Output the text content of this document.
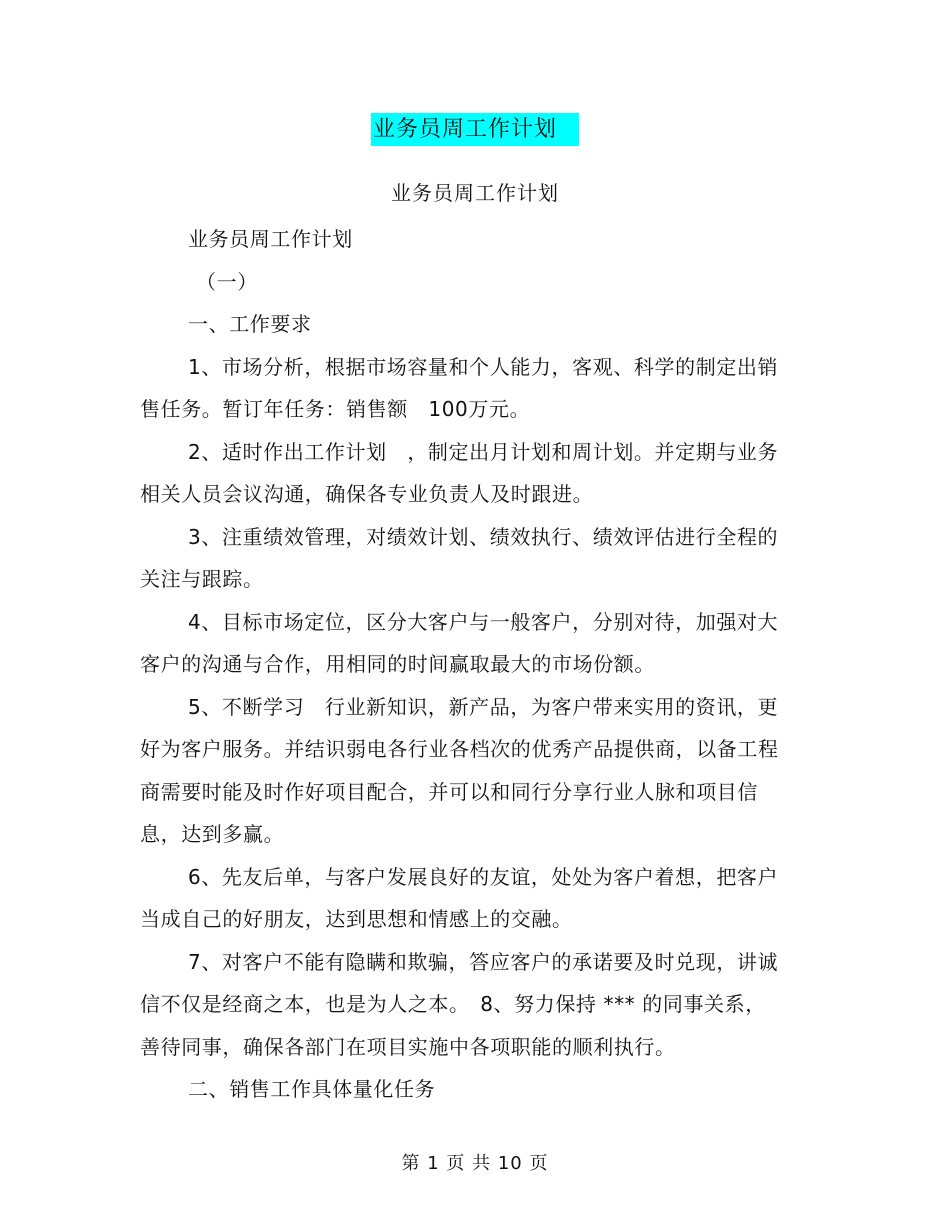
业务员周工作计划
业务员周工作计划

业务员周工作计划

（一）

一、工作要求

1、市场分析，根据市场容量和个人能力，客观、科学的制定出销售任务。暂订年任务：销售额　100万元。

2、适时作出工作计划　，制定出月计划和周计划。并定期与业务相关人员会议沟通，确保各专业负责人及时跟进。

3、注重绩效管理，对绩效计划、绩效执行、绩效评估进行全程的关注与跟踪。

4、目标市场定位，区分大客户与一般客户，分别对待，加强对大客户的沟通与合作，用相同的时间赢取最大的市场份额。

5、不断学习　行业新知识，新产品，为客户带来实用的资讯，更好为客户服务。并结识弱电各行业各档次的优秀产品提供商，以备工程商需要时能及时作好项目配合，并可以和同行分享行业人脉和项目信息，达到多赢。

6、先友后单，与客户发展良好的友谊，处处为客户着想，把客户当成自己的好朋友，达到思想和情感上的交融。

7、对客户不能有隐瞒和欺骗，答应客户的承诺要及时兑现，讲诚信不仅是经商之本，也是为人之本。　8、努力保持 *** 的同事关系，善待同事，确保各部门在项目实施中各项职能的顺利执行。

二、销售工作具体量化任务

第 1 页 共 10 页
